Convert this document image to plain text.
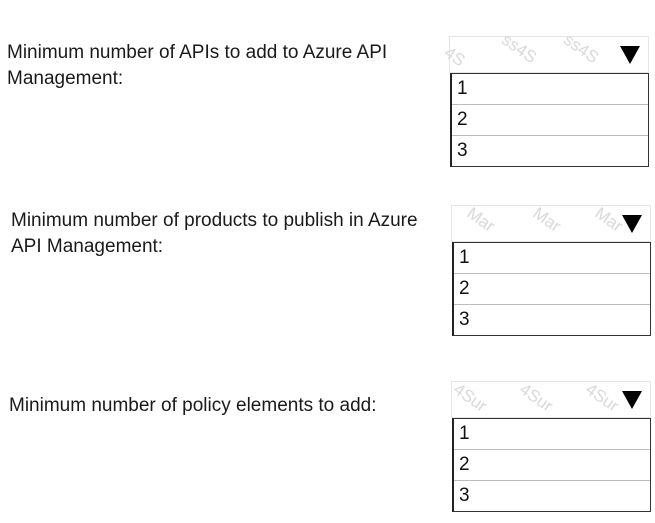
Minimum number of APIs to add to Azure API Management:
4S ss4S ss4S
1
2
3
Minimum number of products to publish in Azure API Management:
Mar Mar Mar
1
2
3
Minimum number of policy elements to add:	4Sur 4Sur 4Sur
1
2
3
